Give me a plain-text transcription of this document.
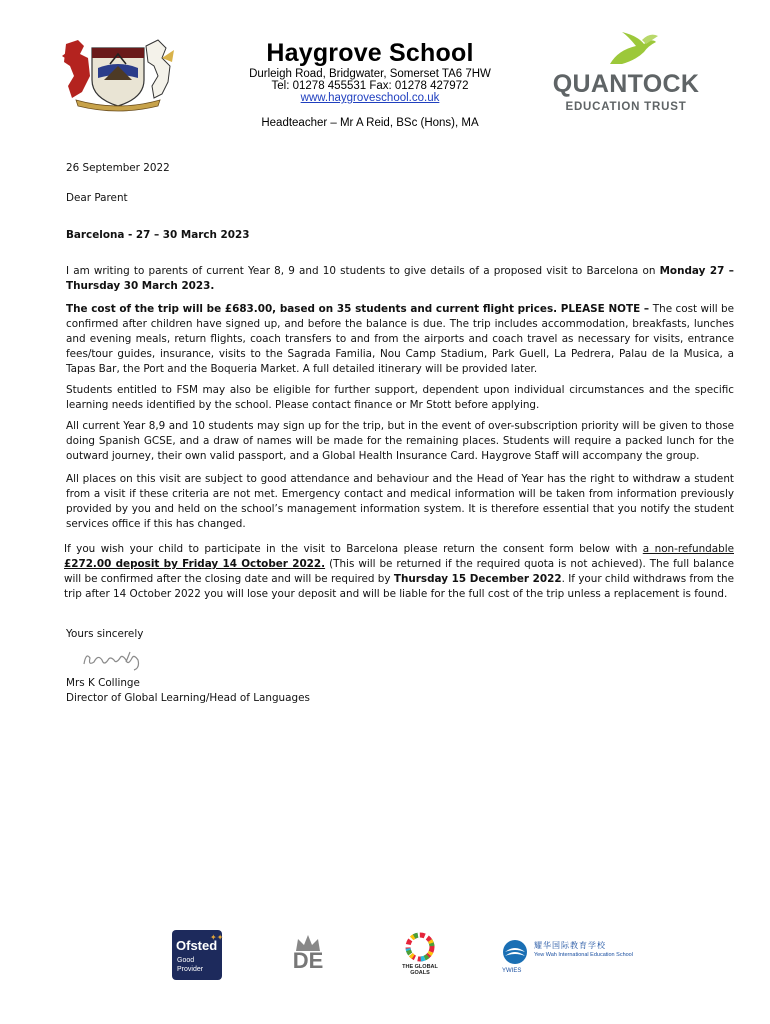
Haygrove School
Durleigh Road, Bridgwater, Somerset TA6 7HW
Tel: 01278 455531 Fax: 01278 427972
www.haygroveschool.co.uk
Headteacher – Mr A Reid, BSc (Hons), MA
QUANTOCK
EDUCATION TRUST
26 September 2022
Dear Parent
Barcelona - 27 – 30 March 2023
I am writing to parents of current Year 8, 9 and 10 students to give details of a proposed visit to Barcelona on Monday 27 – Thursday 30 March 2023.
The cost of the trip will be £683.00, based on 35 students and current flight prices. PLEASE NOTE – The cost will be confirmed after children have signed up, and before the balance is due. The trip includes accommodation, breakfasts, lunches and evening meals, return flights, coach transfers to and from the airports and coach travel as necessary for visits, entrance fees/tour guides, insurance, visits to the Sagrada Familia, Nou Camp Stadium, Park Guell, La Pedrera, Palau de la Musica, a Tapas Bar, the Port and the Boqueria Market. A full detailed itinerary will be provided later.
Students entitled to FSM may also be eligible for further support, dependent upon individual circumstances and the specific learning needs identified by the school. Please contact finance or Mr Stott before applying.
All current Year 8,9 and 10 students may sign up for the trip, but in the event of over-subscription priority will be given to those doing Spanish GCSE, and a draw of names will be made for the remaining places. Students will require a packed lunch for the outward journey, their own valid passport, and a Global Health Insurance Card. Haygrove Staff will accompany the group.
All places on this visit are subject to good attendance and behaviour and the Head of Year has the right to withdraw a student from a visit if these criteria are not met. Emergency contact and medical information will be taken from information previously provided by you and held on the school’s management information system. It is therefore essential that you notify the student services office if this has changed.
If you wish your child to participate in the visit to Barcelona please return the consent form below with a non-refundable £272.00 deposit by Friday 14 October 2022. (This will be returned if the required quota is not achieved). The full balance will be confirmed after the closing date and will be required by Thursday 15 December 2022. If your child withdraws from the trip after 14 October 2022 you will lose your deposit and will be liable for the full cost of the trip unless a replacement is found.
Yours sincerely
Mrs K Collinge
Director of Global Learning/Head of Languages
Ofsted
✦✦
Good
Provider	DE	THE GLOBAL GOALS
耀华国际教育学校
Yew Wah International Education School
YWIES
